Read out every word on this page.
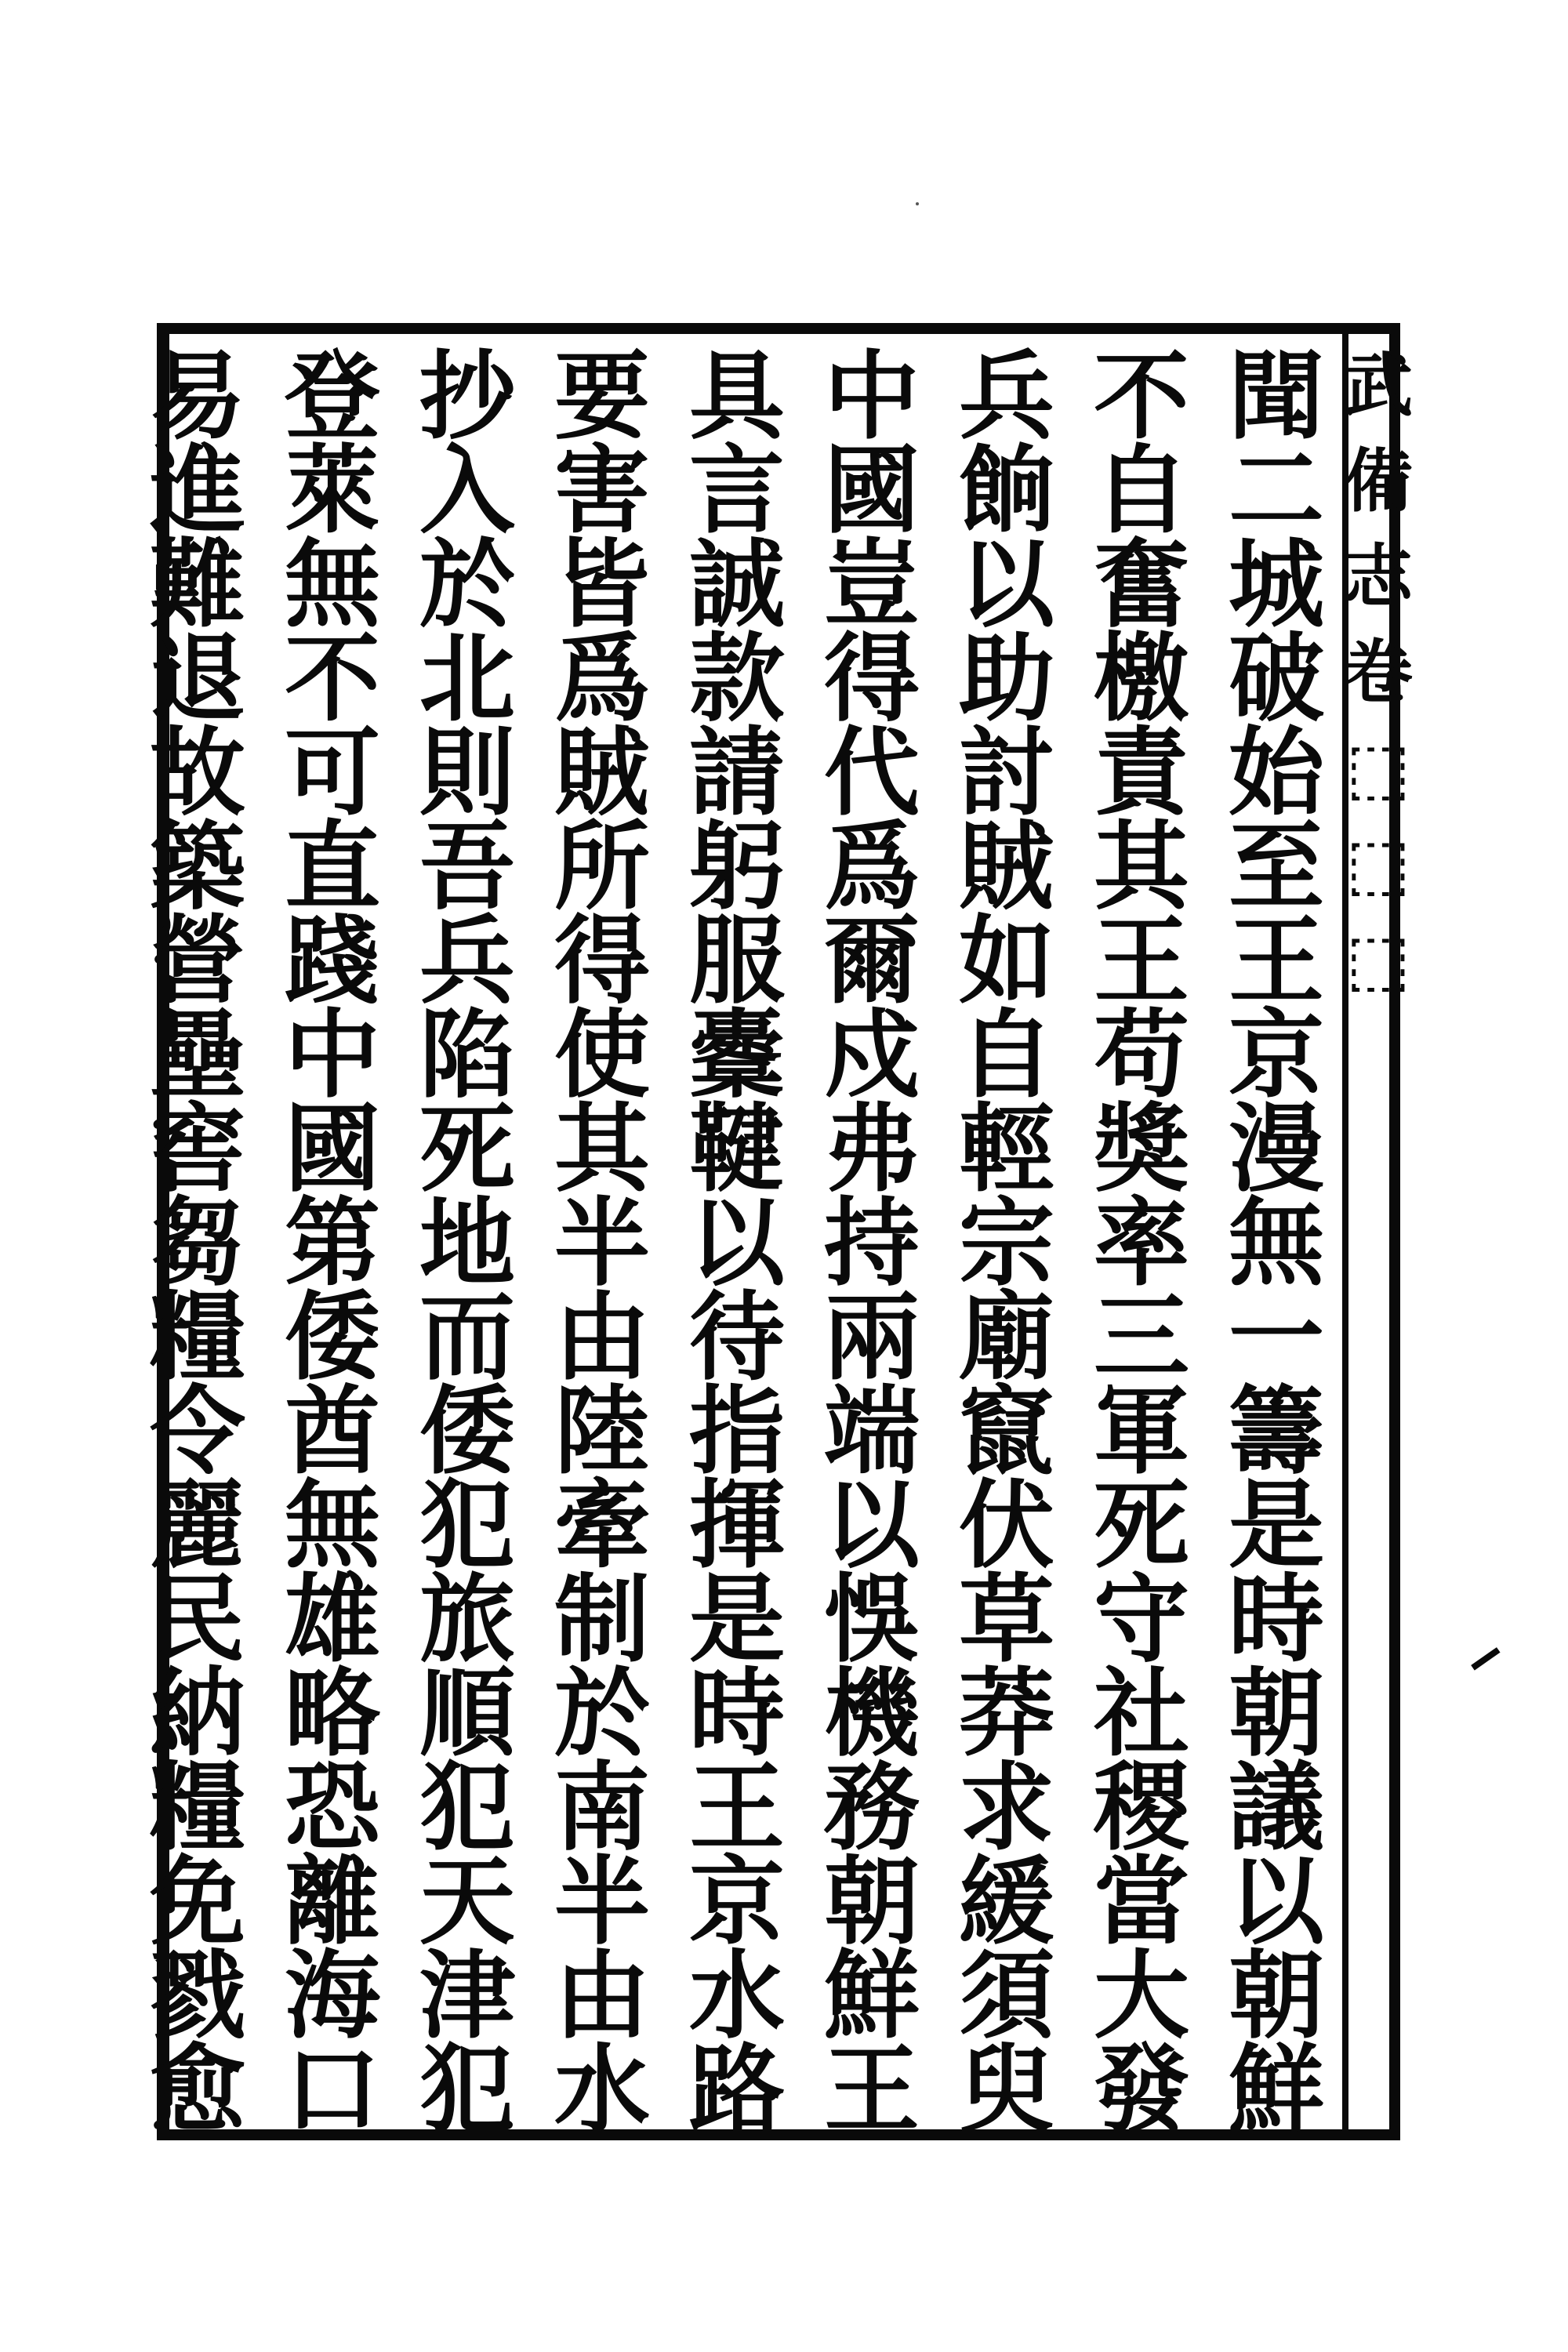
武
備
志
卷
⬚
⬚
⬚
聞
二
城
破
始
至
王
京
漫
無
一
籌
是
時
朝
議
以
朝
鮮
不
自
奮
檄
責
其
王
苟
獎
率
三
軍
死
守
社
稷
當
大
發
兵
餉
以
助
討
賊
如
自
輕
宗
廟
竄
伏
草
莽
求
緩
須
臾
中
國
豈
得
代
爲
爾
戍
弗
持
兩
端
以
悞
機
務
朝
鮮
王
具
言
誠
款
請
躬
服
櫜
鞬
以
待
指
揮
是
時
王
京
水
路
要
害
皆
爲
賊
所
得
使
其
半
由
陸
牽
制
於
南
半
由
水
抄
入
於
北
則
吾
兵
陷
死
地
而
倭
犯
旅
順
犯
天
津
犯
登
萊
無
不
可
直
踐
中
國
第
倭
酋
無
雄
略
恐
離
海
口
易
進
難
退
故
築
營
壘
窖
芻
糧
令
麗
民
納
糧
免
戮
愈
